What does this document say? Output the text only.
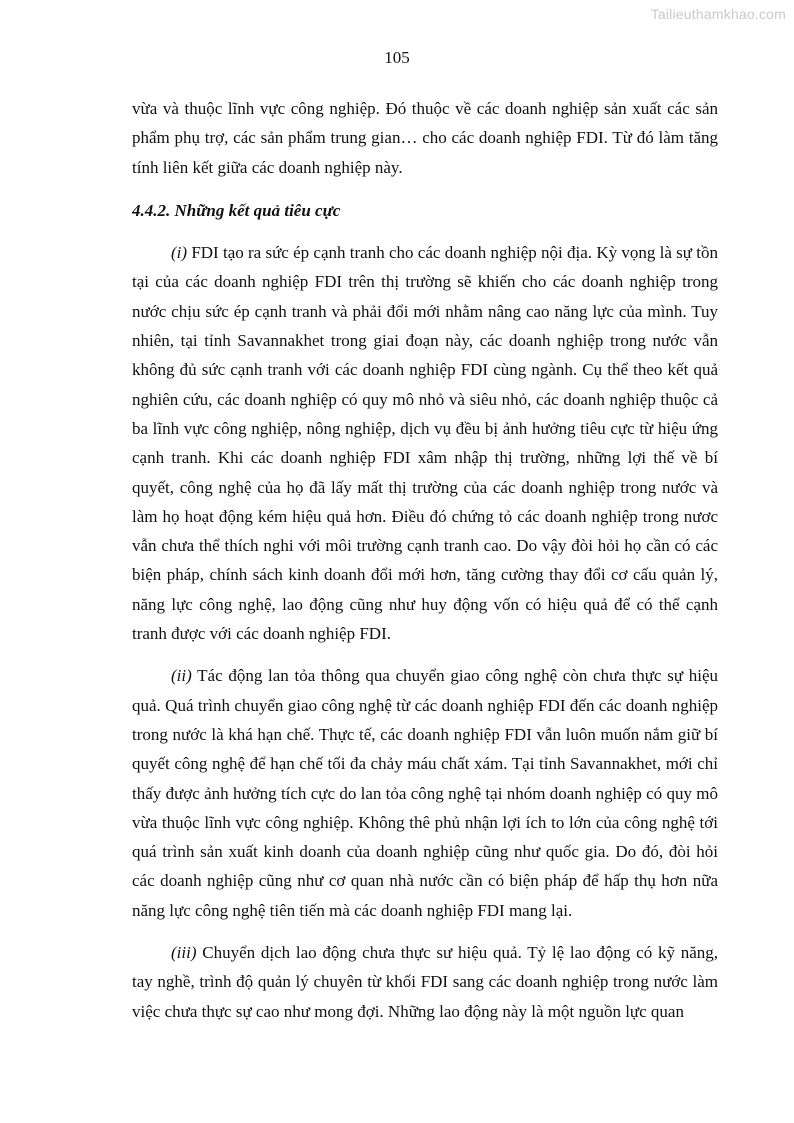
Tailieuthamkhao.com
105

vừa và thuộc lĩnh vực công nghiệp. Đó thuộc về các doanh nghiệp sản xuất các sản phẩm phụ trợ, các sản phẩm trung gian… cho các doanh nghiệp FDI. Từ đó làm tăng tính liên kết giữa các doanh nghiệp này.

4.4.2. Những kết quả tiêu cực

(i) FDI tạo ra sức ép cạnh tranh cho các doanh nghiệp nội địa. Kỳ vọng là sự tồn tại của các doanh nghiệp FDI trên thị trường sẽ khiến cho các doanh nghiệp trong nước chịu sức ép cạnh tranh và phải đổi mới nhằm nâng cao năng lực của mình. Tuy nhiên, tại tỉnh Savannakhet trong giai đoạn này, các doanh nghiệp trong nước vẫn không đủ sức cạnh tranh với các doanh nghiệp FDI cùng ngành. Cụ thể theo kết quả nghiên cứu, các doanh nghiệp có quy mô nhỏ và siêu nhỏ, các doanh nghiệp thuộc cả ba lĩnh vực công nghiệp, nông nghiệp, dịch vụ đều bị ảnh hưởng tiêu cực từ hiệu ứng cạnh tranh. Khi các doanh nghiệp FDI xâm nhập thị trường, những lợi thế về bí quyết, công nghệ của họ đã lấy mất thị trường của các doanh nghiệp trong nước và làm họ hoạt động kém hiệu quả hơn. Điều đó chứng tỏ các doanh nghiệp trong nươc vẫn chưa thể thích nghi với môi trường cạnh tranh cao. Do vậy đòi hỏi họ cần có các biện pháp, chính sách kinh doanh đổi mới hơn, tăng cường thay đổi cơ cấu quản lý, năng lực công nghệ, lao động cũng như huy động vốn có hiệu quả để có thể cạnh tranh được với các doanh nghiệp FDI.

(ii) Tác động lan tỏa thông qua chuyển giao công nghệ còn chưa thực sự hiệu quả. Quá trình chuyển giao công nghệ từ các doanh nghiệp FDI đến các doanh nghiệp trong nước là khá hạn chế. Thực tế, các doanh nghiệp FDI vẫn luôn muốn nắm giữ bí quyết công nghệ để hạn chế tối đa chảy máu chất xám. Tại tỉnh Savannakhet, mới chỉ thấy được ảnh hưởng tích cực do lan tỏa công nghệ tại nhóm doanh nghiệp có quy mô vừa thuộc lĩnh vực công nghiệp. Không thê phủ nhận lợi ích to lớn của công nghệ tới quá trình sản xuất kinh doanh của doanh nghiệp cũng như quốc gia. Do đó, đòi hỏi các doanh nghiệp cũng như cơ quan nhà nước cần có biện pháp để hấp thụ hơn nữa năng lực công nghệ tiên tiến mà các doanh nghiệp FDI mang lại.

(iii) Chuyển dịch lao động chưa thực sư hiệu quả. Tỷ lệ lao động có kỹ năng, tay nghề, trình độ quản lý chuyên từ khối FDI sang các doanh nghiệp trong nước làm việc chưa thực sự cao như mong đợi. Những lao động này là một nguồn lực quan
